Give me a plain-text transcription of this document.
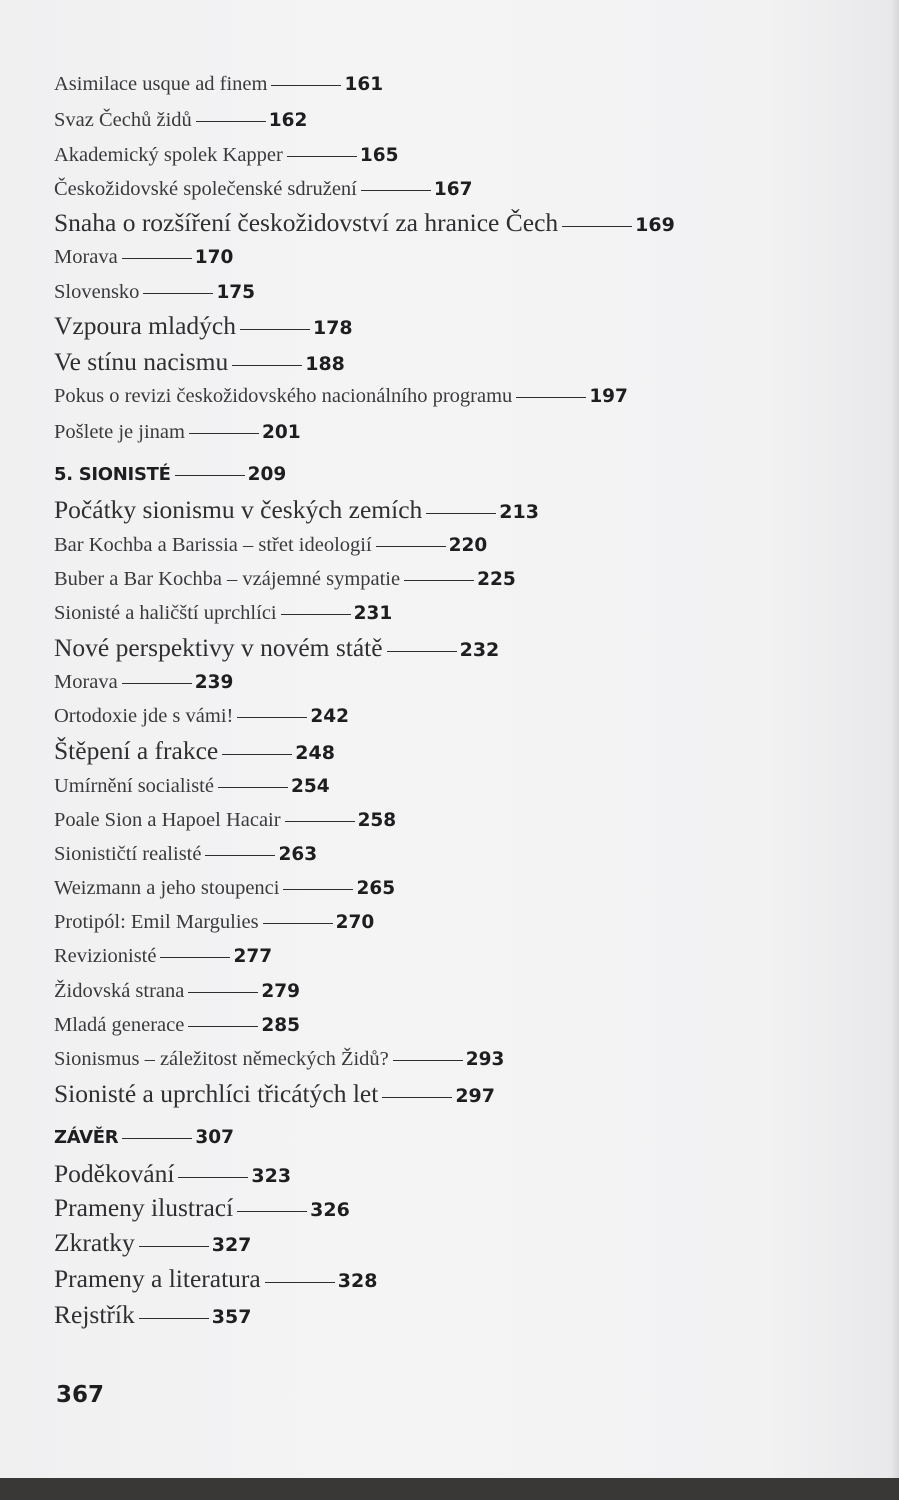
Asimilace usque ad finem	161
Svaz Čechů židů	162
Akademický spolek Kapper	165
Českožidovské společenské sdružení	167
Snaha o rozšíření českožidovství za hranice Čech	169
Morava	170
Slovensko	175
Vzpoura mladých	178
Ve stínu nacismu	188
Pokus o revizi českožidovského nacionálního programu	197
Pošlete je jinam	201
5. SIONISTÉ	209
Počátky sionismu v českých zemích	213
Bar Kochba a Barissia – střet ideologií	220
Buber a Bar Kochba – vzájemné sympatie	225
Sionisté a haličští uprchlíci	231
Nové perspektivy v novém státě	232
Morava	239
Ortodoxie jde s vámi!	242
Štěpení a frakce	248
Umírnění socialisté	254
Poale Sion a Hapoel Hacair	258
Sionističtí realisté	263
Weizmann a jeho stoupenci	265
Protipól: Emil Margulies	270
Revizionisté	277
Židovská strana	279
Mladá generace	285
Sionismus – záležitost německých Židů?	293
Sionisté a uprchlíci třicátých let	297
ZÁVĚR	307
Poděkování	323
Prameny ilustrací	326
Zkratky	327
Prameny a literatura	328
Rejstřík	357
367
